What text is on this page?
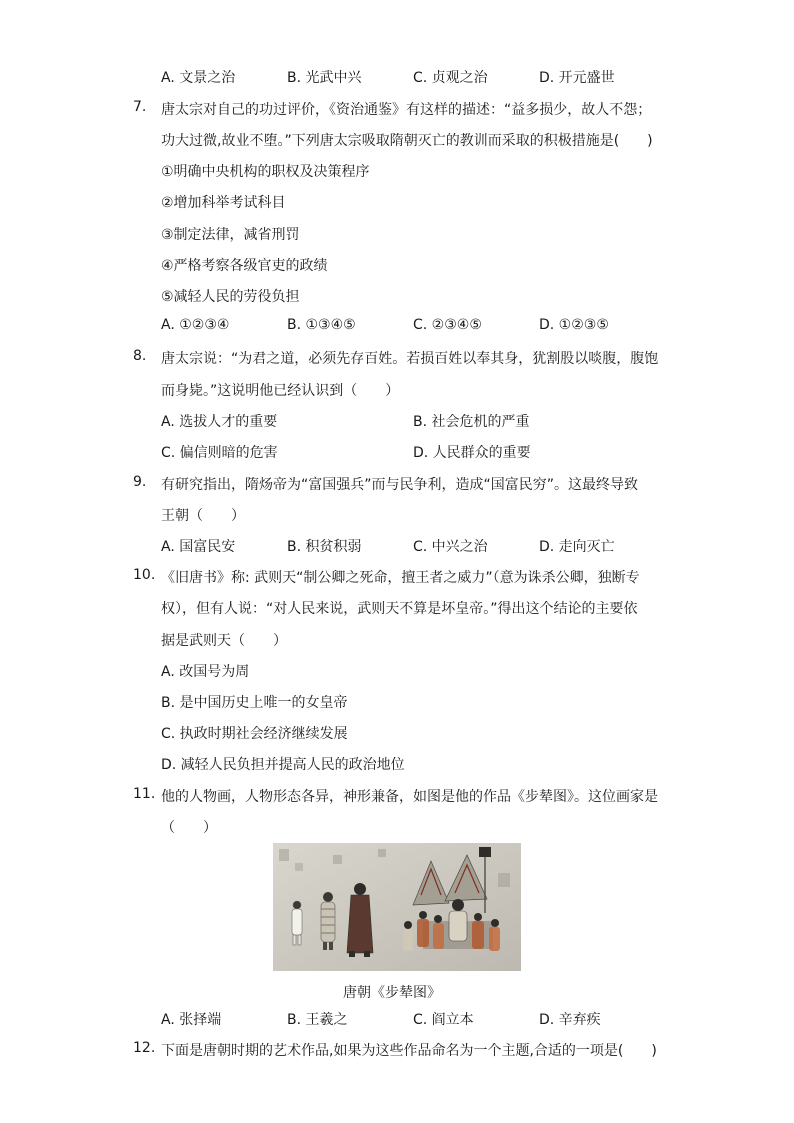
A. 文景之治	B. 光武中兴	C. 贞观之治	D. 开元盛世
7. 唐太宗对自己的功过评价，《资治通鉴》有这样的描述：“益多损少，故人不怨；
功大过微,故业不堕。”下列唐太宗吸取隋朝灭亡的教训而采取的积极措施是(　　)
①明确中央机构的职权及决策程序
②增加科举考试科目
③制定法律，减省刑罚
④严格考察各级官吏的政绩
⑤减轻人民的劳役负担
A. ①②③④	B. ①③④⑤	C. ②③④⑤	D. ①②③⑤
8. 唐太宗说：“为君之道，必须先存百姓。若损百姓以奉其身，犹割股以啖腹，腹饱
而身毙。”这说明他已经认识到（　　）
A. 选拔人才的重要	B. 社会危机的严重
C. 偏信则暗的危害	D. 人民群众的重要
9. 有研究指出，隋炀帝为“富国强兵”而与民争利，造成“国富民穷”。这最终导致
王朝（　　）
A. 国富民安	B. 积贫积弱	C. 中兴之治	D. 走向灭亡
10. 《旧唐书》称: 武则天“制公卿之死命，擅王者之威力”（意为诛杀公卿，独断专
权），但有人说：“对人民来说，武则天不算是坏皇帝。”得出这个结论的主要依
据是武则天（　　）
A. 改国号为周
B. 是中国历史上唯一的女皇帝
C. 执政时期社会经济继续发展
D. 减轻人民负担并提高人民的政治地位
11. 他的人物画，人物形态各异，神形兼备，如图是他的作品《步辇图》。这位画家是
（　　）
唐朝《步辇图》
A. 张择端	B. 王羲之	C. 阎立本	D. 辛弃疾
12. 下面是唐朝时期的艺术作品,如果为这些作品命名为一个主题,合适的一项是(　　)
